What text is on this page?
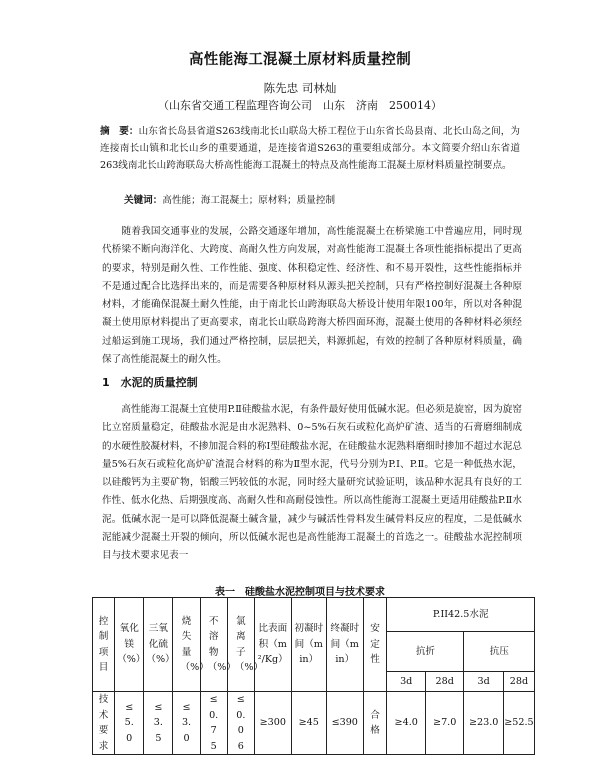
高性能海工混凝土原材料质量控制
陈先忠 司林灿
（山东省交通工程监理咨询公司　山东　济南　250014）
摘　要：山东省长岛县省道S263线南北长山联岛大桥工程位于山东省长岛县南、北长山岛之间，为连接南长山镇和北长山乡的重要通道，是连接省道S263的重要组成部分。本文简要介绍山东省道263线南北长山跨海联岛大桥高性能海工混凝土的特点及高性能海工混凝土原材料质量控制要点。
关键词：高性能；海工混凝土；原材料；质量控制
　　随着我国交通事业的发展，公路交通逐年增加，高性能混凝土在桥梁施工中普遍应用，同时现代桥梁不断向海洋化、大跨度、高耐久性方向发展，对高性能海工混凝土各项性能指标提出了更高的要求，特别是耐久性、工作性能、强度、体积稳定性、经济性、和不易开裂性，这些性能指标并不是通过配合比选择出来的，而是需要各种原材料从源头把关控制，只有严格控制好混凝土各种原材料，才能确保混凝土耐久性能，由于南北长山跨海联岛大桥设计使用年限100年，所以对各种混凝土使用原材料提出了更高要求，南北长山联岛跨海大桥四面环海，混凝土使用的各种材料必须经过船运到施工现场，我们通过严格控制，层层把关，料源抓起，有效的控制了各种原材料质量，确保了高性能混凝土的耐久性。
1　水泥的质量控制
　　高性能海工混凝土宜使用P.Ⅱ硅酸盐水泥，有条件最好使用低碱水泥。但必须是旋窑，因为旋窑比立窑质量稳定，硅酸盐水泥是由水泥熟料、0~5%石灰石或粒化高炉矿渣、适当的石膏磨细制成的水硬性胶凝材料，不掺加混合料的称Ⅰ型硅酸盐水泥，在硅酸盐水泥熟料磨细时掺加不超过水泥总量5%石灰石或粒化高炉矿渣混合材料的称为Ⅱ型水泥，代号分别为P.Ⅰ、P.Ⅱ。它是一种低热水泥，以硅酸钙为主要矿物，铝酸三钙较低的水泥，同时经大量研究试验证明，该品种水泥具有良好的工作性、低水化热、后期强度高、高耐久性和高耐侵蚀性。所以高性能海工混凝土更适用硅酸盐P.Ⅱ水泥。低碱水泥一是可以降低混凝土碱含量，减少与碱活性骨料发生碱骨料反应的程度，二是低碱水泥能减少混凝土开裂的倾向，所以低碱水泥也是高性能海工混凝土的首选之一。硅酸盐水泥控制项目与技术要求见表一
表一　硅酸盐水泥控制项目与技术要求
控制项目	氧化镁（%）	三氧化硫（%）	烧失量（%）	不溶物（%）	氯离子（%）	比表面积（m²/Kg）	初凝时间（min）	终凝时间（min）	安定性	P.II42.5水泥			
										抗折		抗压	
										3d	28d	3d	28d

技术要求	≤5.0	≤3.5	≤3.0	≤0.75	≤0.06	≥300	≥45	≤390	合格	≥4.0	≥7.0	≥23.0	≥52.5
